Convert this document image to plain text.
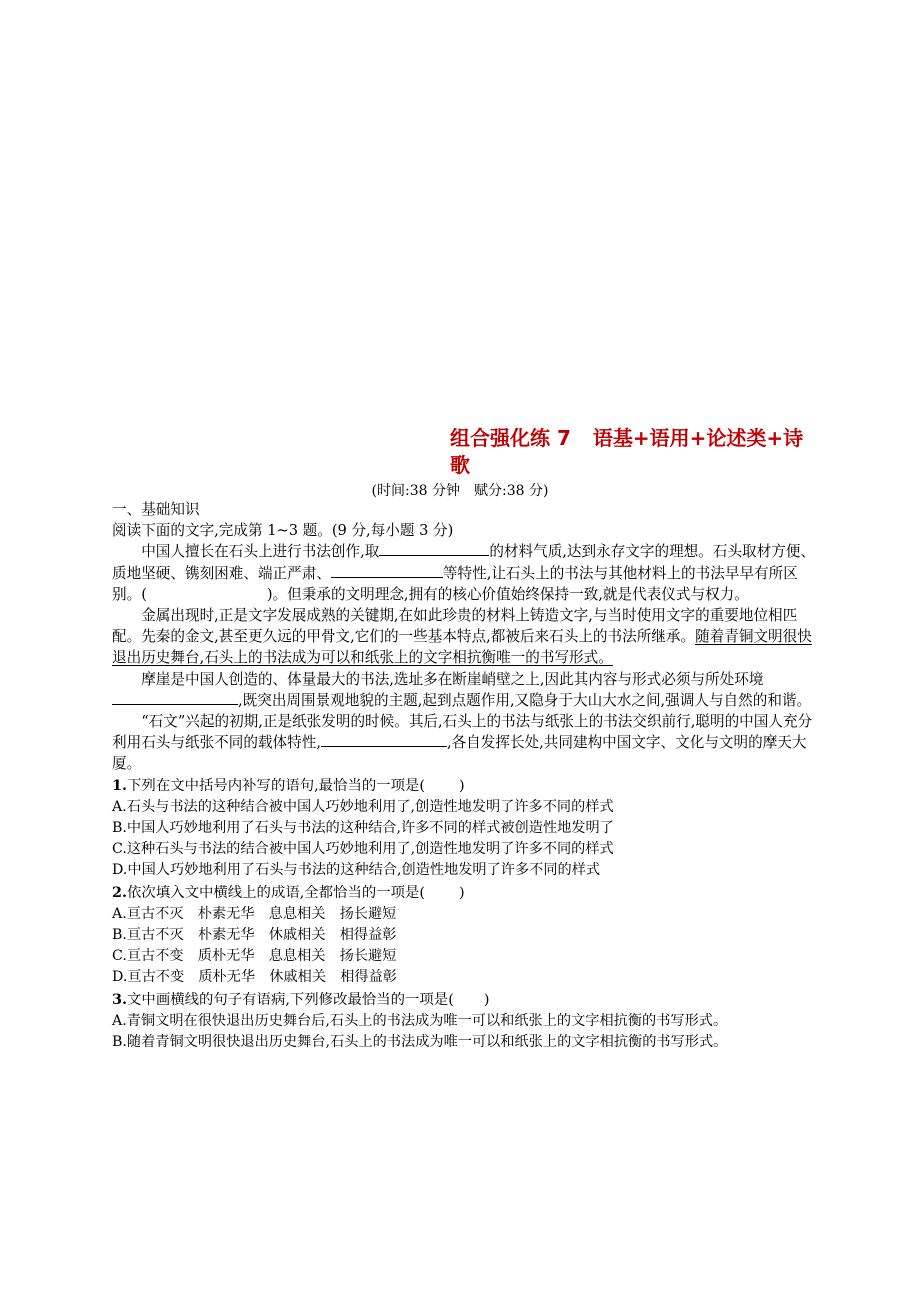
组合强化练 7 语基+语用+论述类+诗
歌
(时间:38 分钟　赋分:38 分)

一、基础知识

阅读下面的文字,完成第 1~3 题。(9 分,每小题 3 分)

中国人擅长在石头上进行书法创作,取	的材料气质,达到永存文字的理想。石头取材方便、质地坚硬、镌刻困难、端正严肃、	等特性,让石头上的书法与其他材料上的书法早早有所区别。(	)。但秉承的文明理念,拥有的核心价值始终保持一致,就是代表仪式与权力。

金属出现时,正是文字发展成熟的关键期,在如此珍贵的材料上铸造文字,与当时使用文字的重要地位相匹配。先秦的金文,甚至更久远的甲骨文,它们的一些基本特点,都被后来石头上的书法所继承。随着青铜文明很快退出历史舞台,石头上的书法成为可以和纸张上的文字相抗衡唯一的书写形式。

摩崖是中国人创造的、体量最大的书法,选址多在断崖峭壁之上,因此其内容与形式必须与所处环境,既突出周围景观地貌的主题,起到点题作用,又隐身于大山大水之间,强调人与自然的和谐。

“石文”兴起的初期,正是纸张发明的时候。其后,石头上的书法与纸张上的书法交织前行,聪明的中国人充分利用石头与纸张不同的载体特性,	,各自发挥长处,共同建构中国文字、文化与文明的摩天大厦。

1.下列在文中括号内补写的语句,最恰当的一项是( )

A.石头与书法的这种结合被中国人巧妙地利用了,创造性地发明了许多不同的样式

B.中国人巧妙地利用了石头与书法的这种结合,许多不同的样式被创造性地发明了

C.这种石头与书法的结合被中国人巧妙地利用了,创造性地发明了许多不同的样式

D.中国人巧妙地利用了石头与书法的这种结合,创造性地发明了许多不同的样式

2.依次填入文中横线上的成语,全都恰当的一项是( )

A.亘古不灭　朴素无华　息息相关　扬长避短

B.亘古不灭　朴素无华　休戚相关　相得益彰

C.亘古不变　质朴无华　息息相关　扬长避短

D.亘古不变　质朴无华　休戚相关　相得益彰

3.文中画横线的句子有语病,下列修改最恰当的一项是( )

A.青铜文明在很快退出历史舞台后,石头上的书法成为唯一可以和纸张上的文字相抗衡的书写形式。

B.随着青铜文明很快退出历史舞台,石头上的书法成为唯一可以和纸张上的文字相抗衡的书写形式。
